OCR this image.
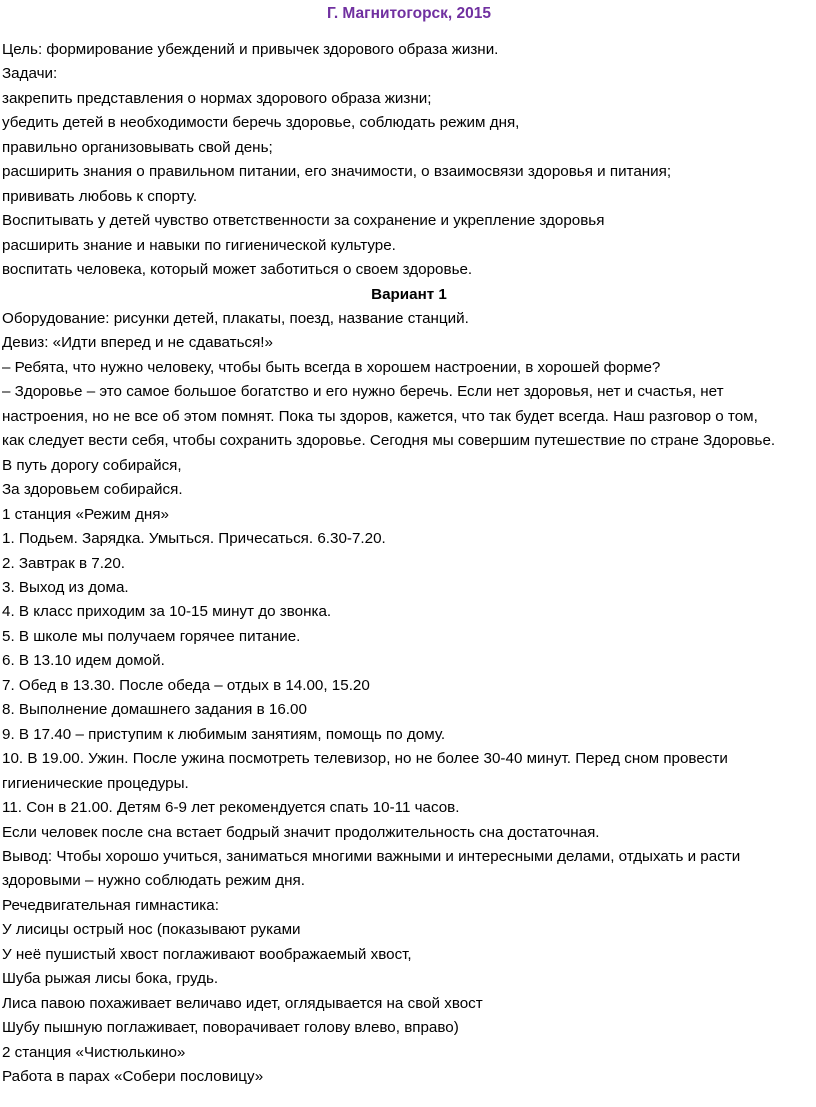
Г. Магнитогорск, 2015

Цель: формирование убеждений и привычек здорового образа жизни.

Задачи:

закрепить представления о нормах здорового образа жизни;

убедить детей в необходимости беречь здоровье, соблюдать режим дня,

правильно организовывать свой день;

расширить знания о правильном питании, его значимости, о взаимосвязи здоровья и питания;

прививать любовь к спорту.

Воспитывать у детей чувство ответственности за сохранение и укрепление здоровья

расширить знание и навыки по гигиенической культуре.

воспитать человека, который может заботиться о своем здоровье.

Вариант 1

Оборудование: рисунки детей, плакаты, поезд, название станций.

Девиз: «Идти вперед и не сдаваться!»

– Ребята, что нужно человеку, чтобы быть всегда в хорошем настроении, в хорошей форме?

– Здоровье – это самое большое богатство и его нужно беречь. Если нет здоровья, нет и счастья, нет

настроения, но не все об этом помнят. Пока ты здоров, кажется, что так будет всегда. Наш разговор о том,

как следует вести себя, чтобы сохранить здоровье. Сегодня мы совершим путешествие по стране Здоровье.

В путь дорогу собирайся,

За здоровьем собирайся.

1 станция «Режим дня»

1. Подьем. Зарядка. Умыться. Причесаться. 6.30-7.20.

2. Завтрак в 7.20.

3. Выход из дома.

4. В класс приходим за 10-15 минут до звонка.

5. В школе мы получаем горячее питание.

6. В 13.10 идем домой.

7. Обед в 13.30. После обеда – отдых в 14.00, 15.20

8. Выполнение домашнего задания в 16.00

9. В 17.40 – приступим к любимым занятиям, помощь по дому.

10. В 19.00. Ужин. После ужина посмотреть телевизор, но не более 30-40 минут. Перед сном провести

гигиенические процедуры.

11. Сон в 21.00. Детям 6-9 лет рекомендуется спать 10-11 часов.

Если человек после сна встает бодрый значит продолжительность сна достаточная.

Вывод: Чтобы хорошо учиться, заниматься многими важными и интересными делами, отдыхать и расти

здоровыми – нужно соблюдать режим дня.

Речедвигательная гимнастика:

У лисицы острый нос (показывают руками

У неё пушистый хвост поглаживают воображаемый хвост,

Шуба рыжая лисы бока, грудь.

Лиса павою похаживает величаво идет, оглядывается на свой хвост

Шубу пышную поглаживает, поворачивает голову влево, вправо)

2 станция «Чистюлькино»

Работа в парах «Собери пословицу»
